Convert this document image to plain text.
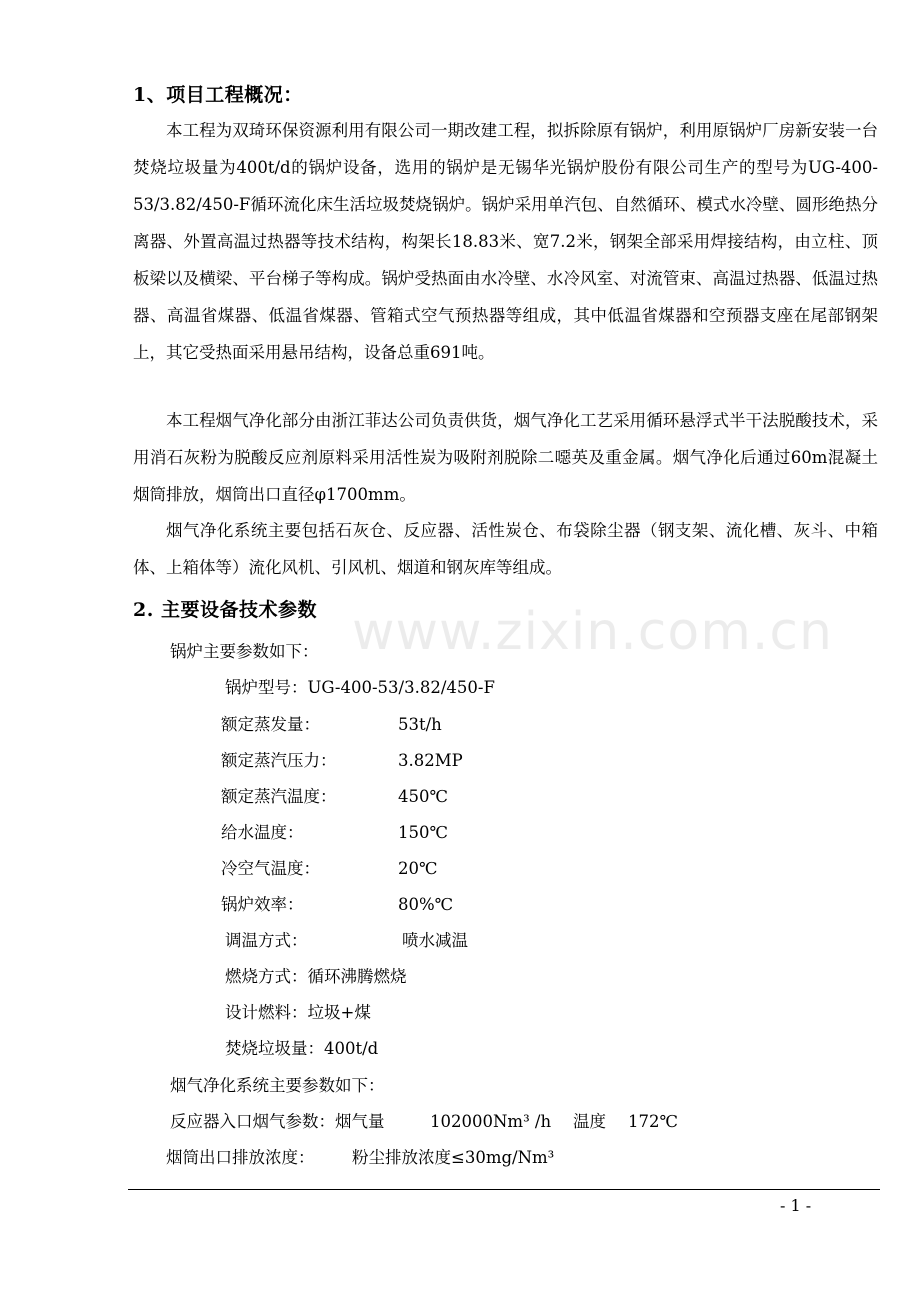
www.zixin.com.cn
1、项目工程概况：

本工程为双琦环保资源利用有限公司一期改建工程，拟拆除原有锅炉，利用原锅炉厂房新安装一台焚烧垃圾量为400t/d的锅炉设备，选用的锅炉是无锡华光锅炉股份有限公司生产的型号为UG-400-53/3.82/450-F循环流化床生活垃圾焚烧锅炉。锅炉采用单汽包、自然循环、模式水冷壁、圆形绝热分离器、外置高温过热器等技术结构，构架长18.83米、宽7.2米，钢架全部采用焊接结构，由立柱、顶板梁以及横梁、平台梯子等构成。锅炉受热面由水冷壁、水冷风室、对流管束、高温过热器、低温过热器、高温省煤器、低温省煤器、管箱式空气预热器等组成，其中低温省煤器和空预器支座在尾部钢架上，其它受热面采用悬吊结构，设备总重691吨。

本工程烟气净化部分由浙江菲达公司负责供货，烟气净化工艺采用循环悬浮式半干法脱酸技术，采用消石灰粉为脱酸反应剂原料采用活性炭为吸附剂脱除二噁英及重金属。烟气净化后通过60m混凝土烟筒排放，烟筒出口直径φ1700mm。

烟气净化系统主要包括石灰仓、反应器、活性炭仓、布袋除尘器（钢支架、流化槽、灰斗、中箱体、上箱体等）流化风机、引风机、烟道和钢灰库等组成。

2. 主要设备技术参数
锅炉主要参数如下：
锅炉型号：UG-400-53/3.82/450-F
额定蒸发量：	53t/h
额定蒸汽压力：	3.82MP
额定蒸汽温度：	450℃
给水温度：	150℃
冷空气温度：	20℃
锅炉效率：	80%℃
调温方式：	喷水减温
燃烧方式：循环沸腾燃烧
设计燃料：垃圾+煤
焚烧垃圾量：400t/d
烟气净化系统主要参数如下：
反应器入口烟气参数：烟气量	102000Nm³ /h 温度 172℃
烟筒出口排放浓度： 粉尘排放浓度≤30mg/Nm³
- 1 -
